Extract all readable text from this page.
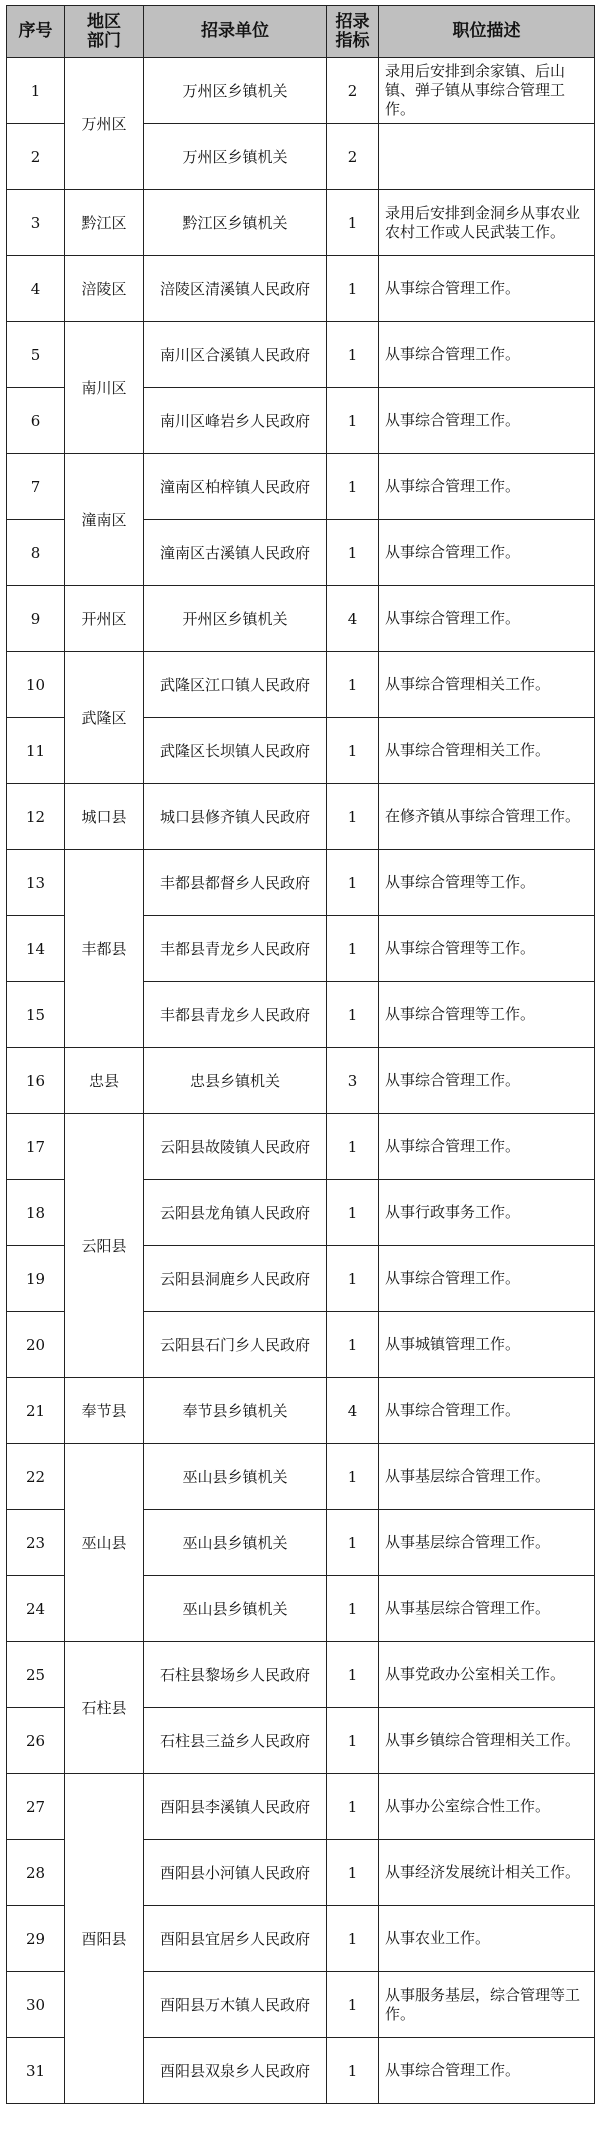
序号	地区部门	招录单位	招录指标	职位描述
1	万州区	万州区乡镇机关	2	录用后安排到余家镇、后山镇、弹子镇从事综合管理工作。
2		万州区乡镇机关	2	
3	黔江区	黔江区乡镇机关	1	录用后安排到金洞乡从事农业农村工作或人民武装工作。
4	涪陵区	涪陵区清溪镇人民政府	1	从事综合管理工作。
5	南川区	南川区合溪镇人民政府	1	从事综合管理工作。
6		南川区峰岩乡人民政府	1	从事综合管理工作。
7	潼南区	潼南区柏梓镇人民政府	1	从事综合管理工作。
8		潼南区古溪镇人民政府	1	从事综合管理工作。
9	开州区	开州区乡镇机关	4	从事综合管理工作。
10	武隆区	武隆区江口镇人民政府	1	从事综合管理相关工作。
11		武隆区长坝镇人民政府	1	从事综合管理相关工作。
12	城口县	城口县修齐镇人民政府	1	在修齐镇从事综合管理工作。
13	丰都县	丰都县都督乡人民政府	1	从事综合管理等工作。
14		丰都县青龙乡人民政府	1	从事综合管理等工作。
15		丰都县青龙乡人民政府	1	从事综合管理等工作。
16	忠县	忠县乡镇机关	3	从事综合管理工作。
17	云阳县	云阳县故陵镇人民政府	1	从事综合管理工作。
18		云阳县龙角镇人民政府	1	从事行政事务工作。
19		云阳县洞鹿乡人民政府	1	从事综合管理工作。
20		云阳县石门乡人民政府	1	从事城镇管理工作。
21	奉节县	奉节县乡镇机关	4	从事综合管理工作。
22	巫山县	巫山县乡镇机关	1	从事基层综合管理工作。
23		巫山县乡镇机关	1	从事基层综合管理工作。
24		巫山县乡镇机关	1	从事基层综合管理工作。
25	石柱县	石柱县黎场乡人民政府	1	从事党政办公室相关工作。
26		石柱县三益乡人民政府	1	从事乡镇综合管理相关工作。
27	酉阳县	酉阳县李溪镇人民政府	1	从事办公室综合性工作。
28		酉阳县小河镇人民政府	1	从事经济发展统计相关工作。
29		酉阳县宜居乡人民政府	1	从事农业工作。
30		酉阳县万木镇人民政府	1	从事服务基层，综合管理等工作。
31		酉阳县双泉乡人民政府	1	从事综合管理工作。
